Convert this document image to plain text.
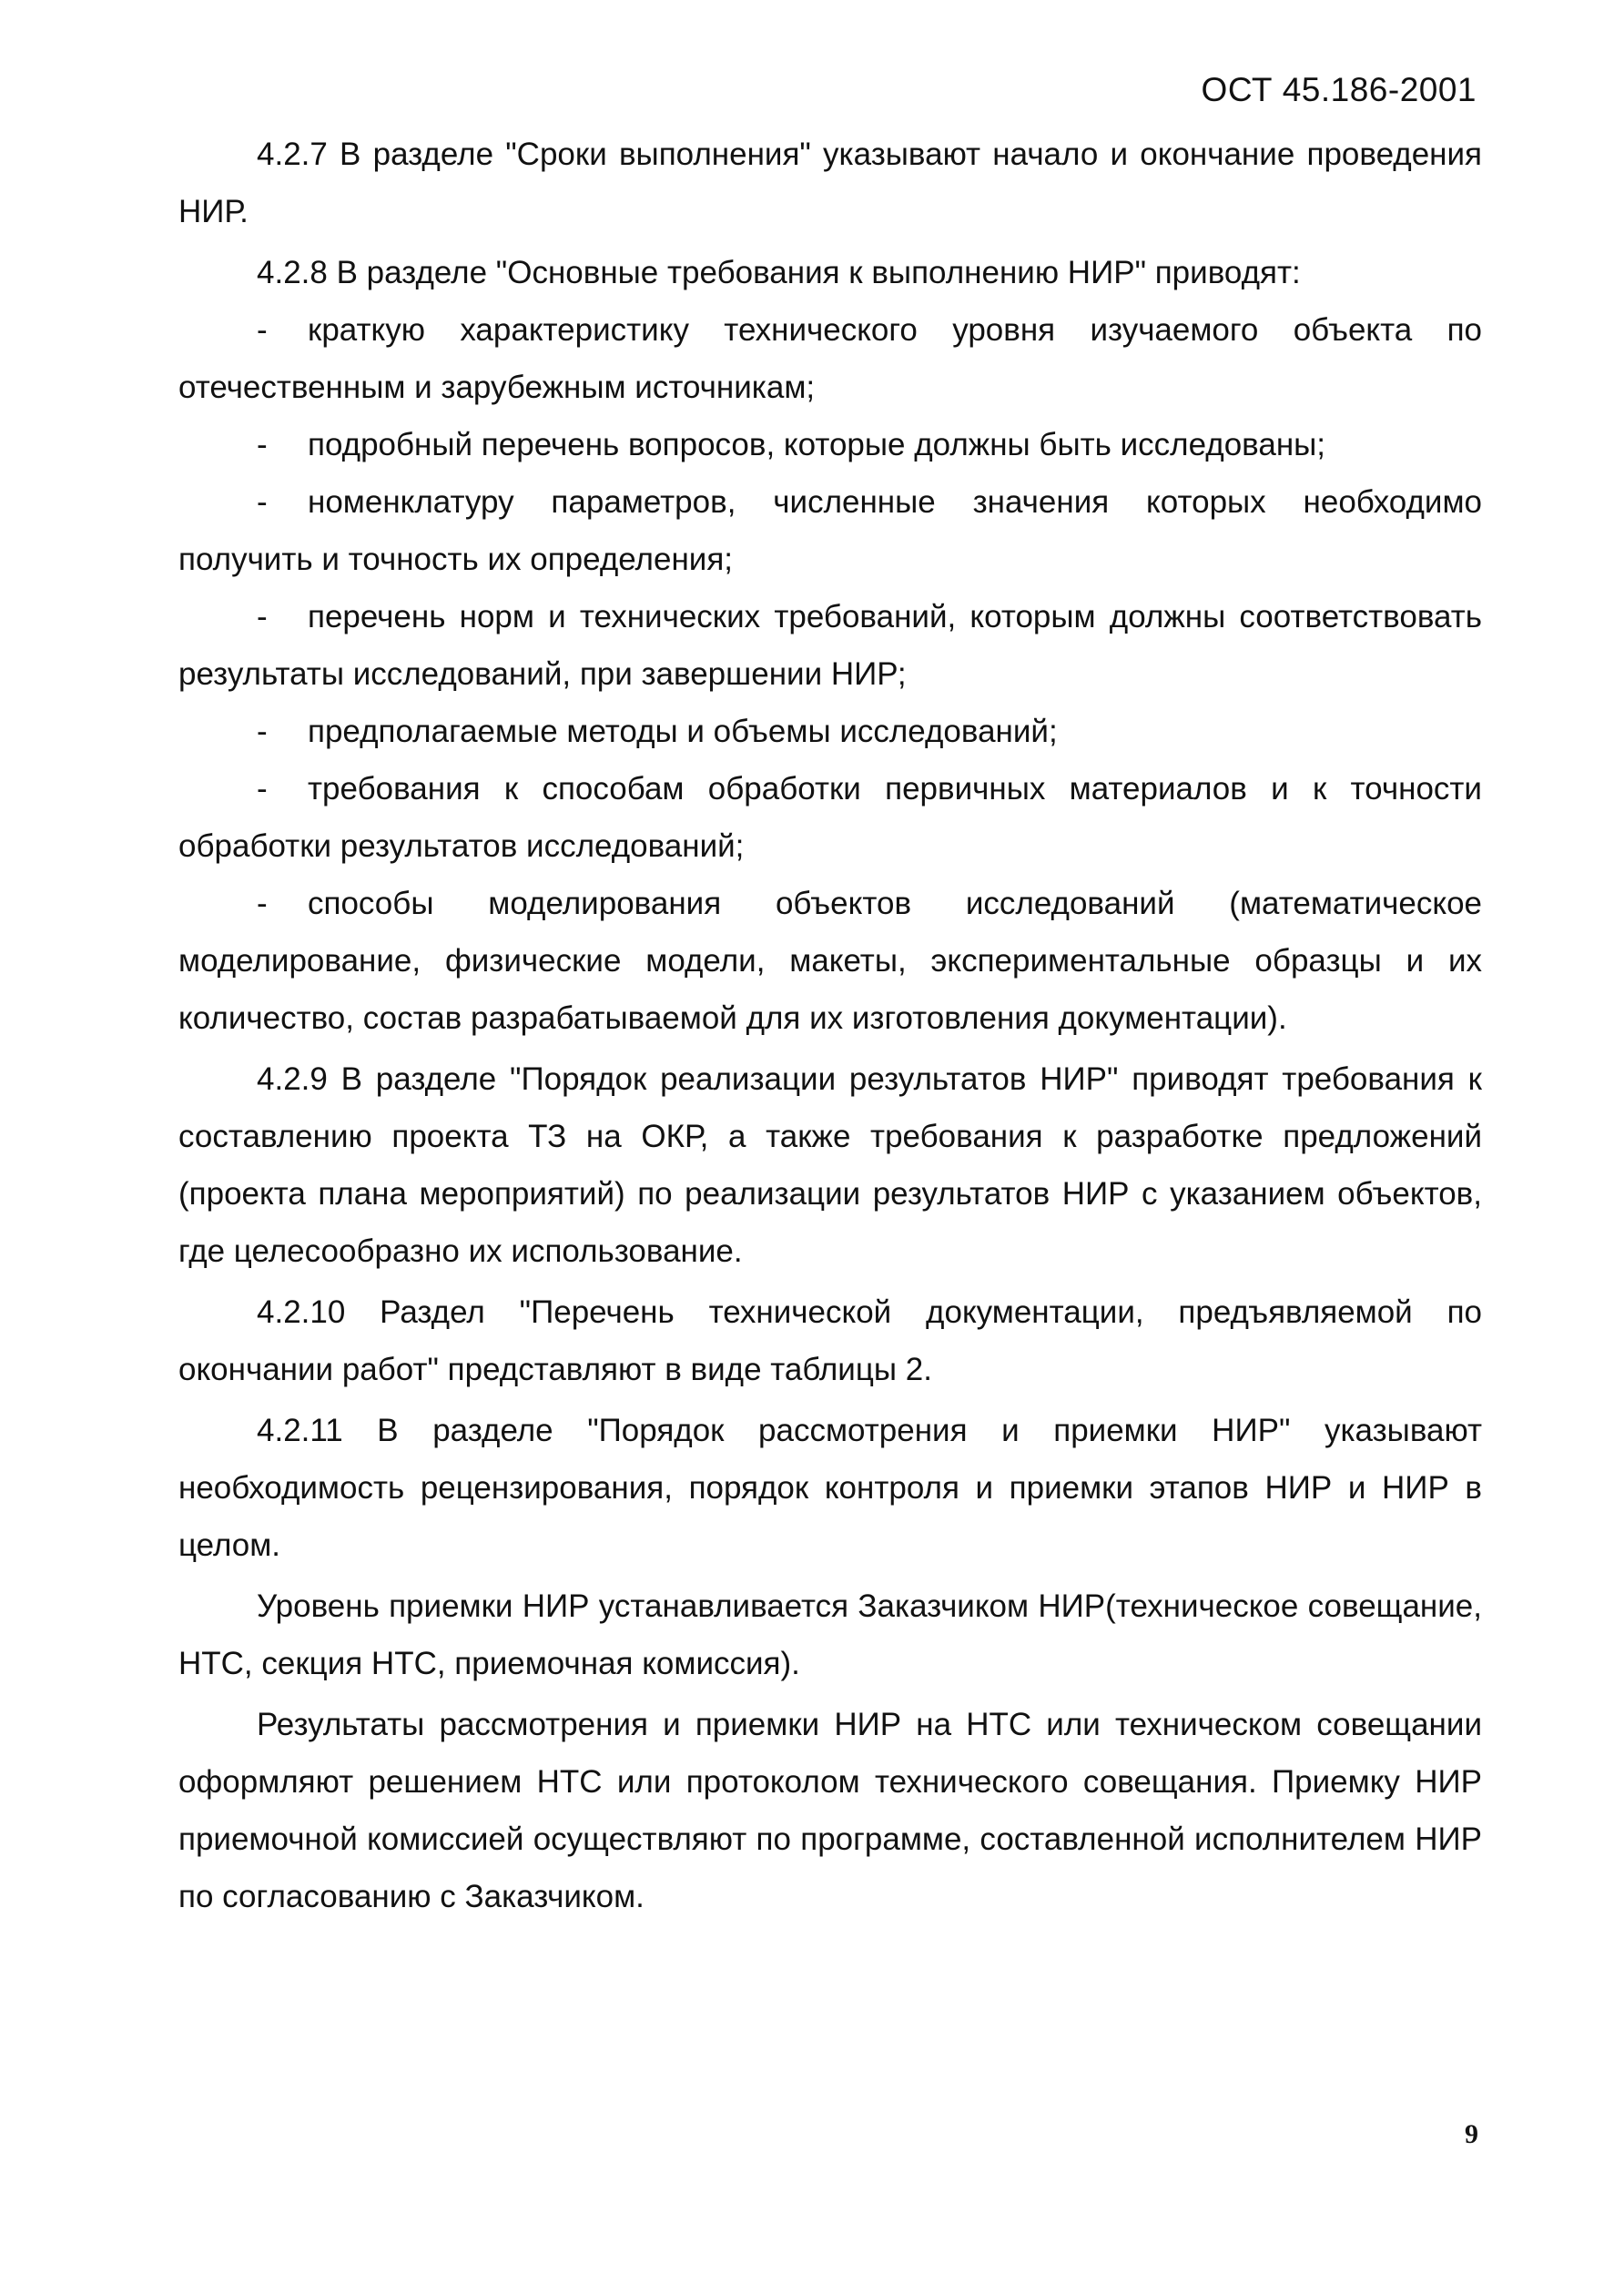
ОСТ 45.186-2001

4.2.7 В разделе "Сроки выполнения" указывают начало и окончание проведения НИР.

4.2.8 В разделе "Основные требования к выполнению НИР" приводят:

- краткую характеристику технического уровня изучаемого объекта по отечественным и зарубежным источникам;

- подробный перечень вопросов, которые должны быть исследованы;

- номенклатуру параметров, численные значения которых необходимо получить и точность их определения;

- перечень норм и технических требований, которым должны соответствовать результаты исследований, при завершении НИР;

- предполагаемые методы и объемы исследований;

- требования к способам обработки первичных материалов и к точности обработки результатов исследований;

- способы моделирования объектов исследований (математическое моделирование, физические модели, макеты, экспериментальные образцы и их количество, состав разрабатываемой для их изготовления документации).

4.2.9 В разделе "Порядок реализации результатов НИР" приводят требования к составлению проекта ТЗ на ОКР, а также требования к разработке предложений (проекта плана мероприятий) по реализации результатов НИР с указанием объектов, где целесообразно их использование.

4.2.10 Раздел "Перечень технической документации, предъявляемой по окончании работ" представляют в виде таблицы 2.

4.2.11 В разделе "Порядок рассмотрения и приемки НИР" указывают необходимость рецензирования, порядок контроля и приемки этапов НИР и НИР в целом.

Уровень приемки НИР устанавливается Заказчиком НИР(техническое совещание, НТС, секция НТС, приемочная комиссия).

Результаты рассмотрения и приемки НИР на НТС или техническом совещании оформляют решением НТС или протоколом технического совещания. Приемку НИР приемочной комиссией осуществляют по программе, составленной исполнителем НИР по согласованию с Заказчиком.

9
